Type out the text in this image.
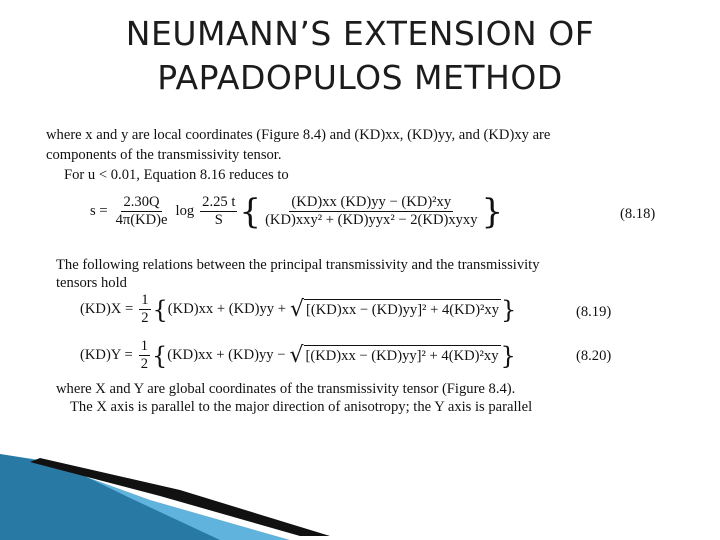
NEUMANN’S EXTENSION OF
PAPADOPULOS METHOD
where x and y are local coordinates (Figure 8.4) and (KD)xx, (KD)yy, and (KD)xy are
components of the transmissivity tensor.
For u < 0.01, Equation 8.16 reduces to
$s = \frac{2.30Q}{4\pi(KD)e}$ $\log \frac{2.25 t}{S}$ { $\frac{\text{(KD)xx (KD)yy − (KD)²xy}}{\text{(KD)xxy² + (KD)yyx² − 2(KD)xyxy}}$ }	(8.18)
The following relations between the principal transmissivity and the transmissivity
tensors hold
$(KD)X = \frac{1}{2}$ { (KD)xx + (KD)yy + √ [(KD)xx − (KD)yy]² + 4(KD)²xy }	(8.19)
$(KD)Y = \frac{1}{2}$ { (KD)xx + (KD)yy − √ [(KD)xx − (KD)yy]² + 4(KD)²xy }	(8.20)
where X and Y are global coordinates of the transmissivity tensor (Figure 8.4).
The X axis is parallel to the major direction of anisotropy; the Y axis is parallel
